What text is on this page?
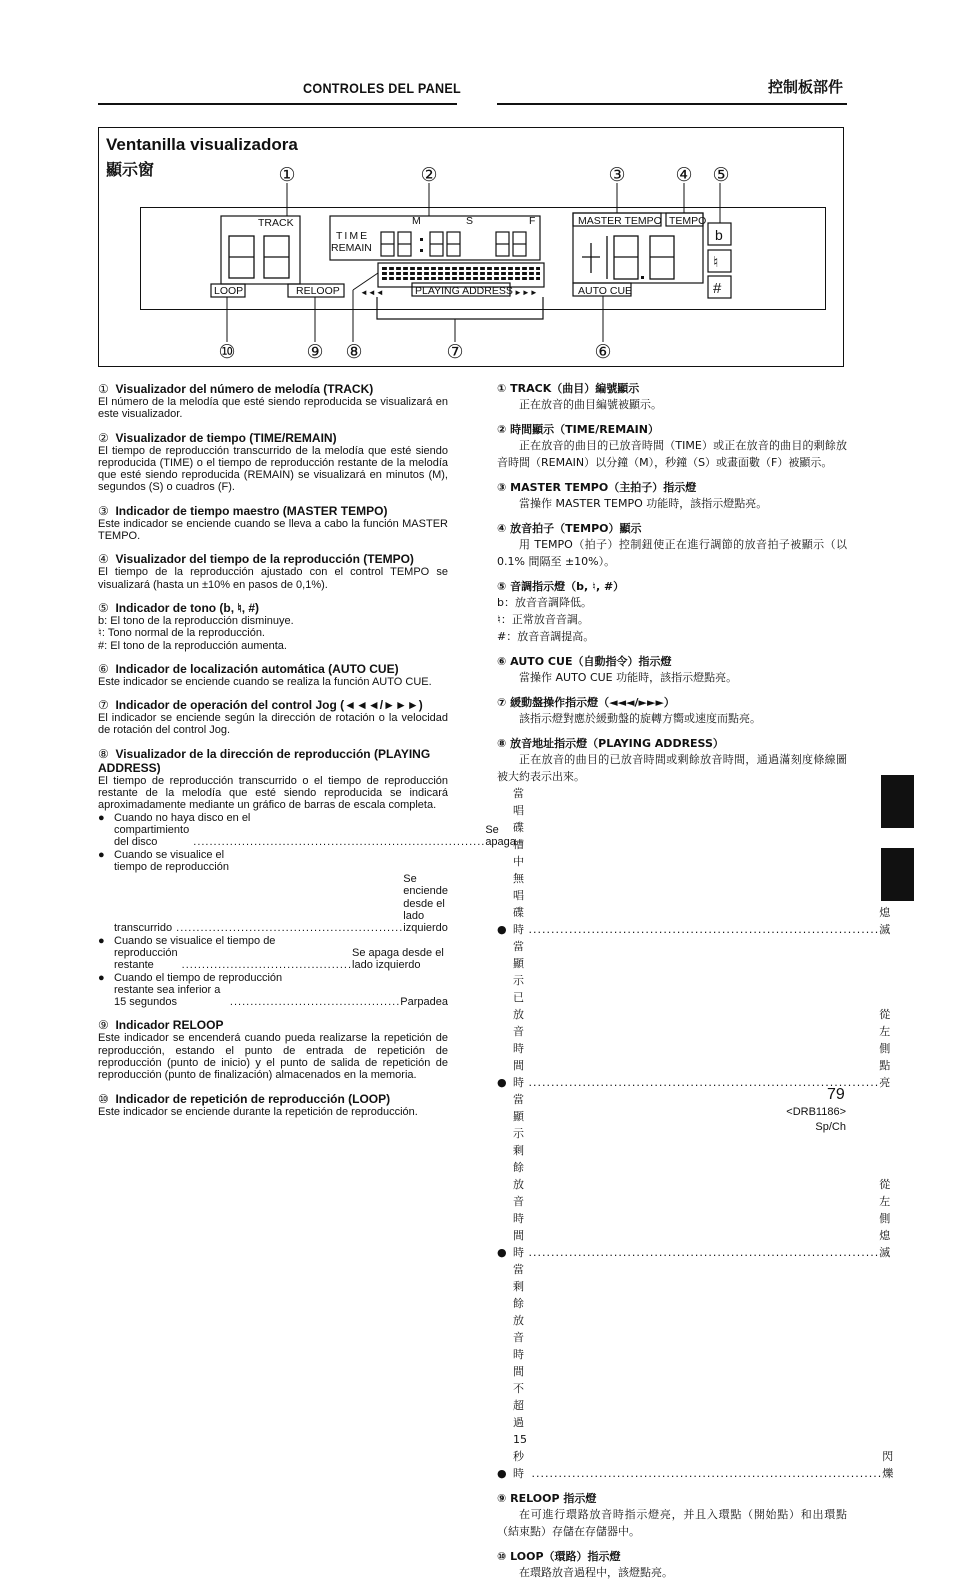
CONTROLES DEL PANEL	控制板部件
Ventanilla visualizadora
顯示窗	①	②	③	④ ⑤
⑩	⑨ ⑧	⑦	⑥
TRACK
TIME
REMAIN
M	S	F	MASTER TEMPO TEMPO
LOOP	RELOOP	PLAYING ADDRESS	AUTO CUE
◄◄◄	►►►
b
♮
#
① Visualizador del número de melodía (TRACK)

El número de la melodía que esté siendo reproducida se visualizará en este visualizador.

② Visualizador de tiempo (TIME/REMAIN)

El tiempo de reproducción transcurrido de la melodía que esté siendo reproducida (TIME) o el tiempo de reproducción restante de la melodía que esté siendo reproducida (REMAIN) se visualizará en minutos (M), segundos (S) o cuadros (F).

③ Indicador de tiempo maestro (MASTER TEMPO)

Este indicador se enciende cuando se lleva a cabo la función MASTER TEMPO.

④ Visualizador del tiempo de la reproducción (TEMPO)

El tiempo de la reproducción ajustado con el control TEMPO se visualizará (hasta un ±10% en pasos de 0,1%).

⑤ Indicador de tono (b, ♮, #)
b: El tono de la reproducción disminuye.
♮: Tono normal de la reproducción.
#: El tono de la reproducción aumenta.
⑥ Indicador de localización automática (AUTO CUE)

Este indicador se enciende cuando se realiza la función AUTO CUE.

⑦ Indicador de operación del control Jog (◄◄◄/►►►)

El indicador se enciende según la dirección de rotación o la velocidad de rotación del control Jog.

⑧ Visualizador de la dirección de reproducción (PLAYING ADDRESS)

El tiempo de reproducción transcurrido o el tiempo de reproducción restante de la melodía que esté siendo reproducida se indicará aproximadamente mediante un gráfico de barras de escala completa.

● Cuando no haya disco en el
compartimiento del disco	........................................................................
Se apaga
● Cuando se visualice el
tiempo de reproducción
transcurrido ........................................................
Se enciende desde el lado izquierdo
● Cuando se visualice el tiempo de
reproducción restante	..........................................
Se apaga desde el lado izquierdo
● Cuando el tiempo de reproducción
restante sea inferior a 15 segundos	.......................................... Parpadea
⑨ Indicador RELOOP

Este indicador se encenderá cuando pueda realizarse la repetición de reproducción, estando el punto de entrada de repetición de reproducción (punto de inicio) y el punto de salida de repetición de reproducción (punto de finalización) almacenados en la memoria.

⑩ Indicador de repetición de reproducción (LOOP)

Este indicador se enciende durante la repetición de reproducción.

① TRACK（曲目）編號顯示
正在放音的曲目編號被顯示。
② 時間顯示（TIME/REMAIN）

正在放音的曲目的已放音時間（TIME）或正在放音的曲目的剩餘放音時間（REMAIN）以分鐘（M），秒鐘（S）或畫面數（F）被顯示。

③ MASTER TEMPO（主拍子）指示燈
當操作 MASTER TEMPO 功能時，該指示燈點亮。
④ 放音拍子（TEMPO）顯示

用 TEMPO（拍子）控制鈕使正在進行調節的放音拍子被顯示（以 0.1% 間隔至 ±10%）。

⑤ 音調指示燈（b, ♮, #）
b：放音音調降低。
♮：正常放音音調。
#：放音音調提高。
⑥ AUTO CUE（自動指令）指示燈
當操作 AUTO CUE 功能時，該指示燈點亮。
⑦ 緩動盤操作指示燈（◄◄◄/►►►）
該指示燈對應於緩動盤的旋轉方嚮或速度而點亮。
⑧ 放音地址指示燈（PLAYING ADDRESS）

正在放音的曲目的已放音時間或剩餘放音時間，通過滿刻度條線圖被大約表示出來。

●
當唱碟槽中無唱碟時 ..............................................................................
熄滅
●
當顯示已放音時間時 ..............................................................................
從左側點亮
●
當顯示剩餘放音時間時 ..............................................................................
從左側熄滅
●
當剩餘放音時間不超過 15 秒時 ..............................................................................
閃爍
⑨ RELOOP 指示燈

在可進行環路放音時指示燈亮，并且入環點（開始點）和出環點（結束點）存儲在存儲器中。

⑩ LOOP（環路）指示燈
在環路放音過程中，該燈點亮。
79
<DRB1186>
Sp/Ch
